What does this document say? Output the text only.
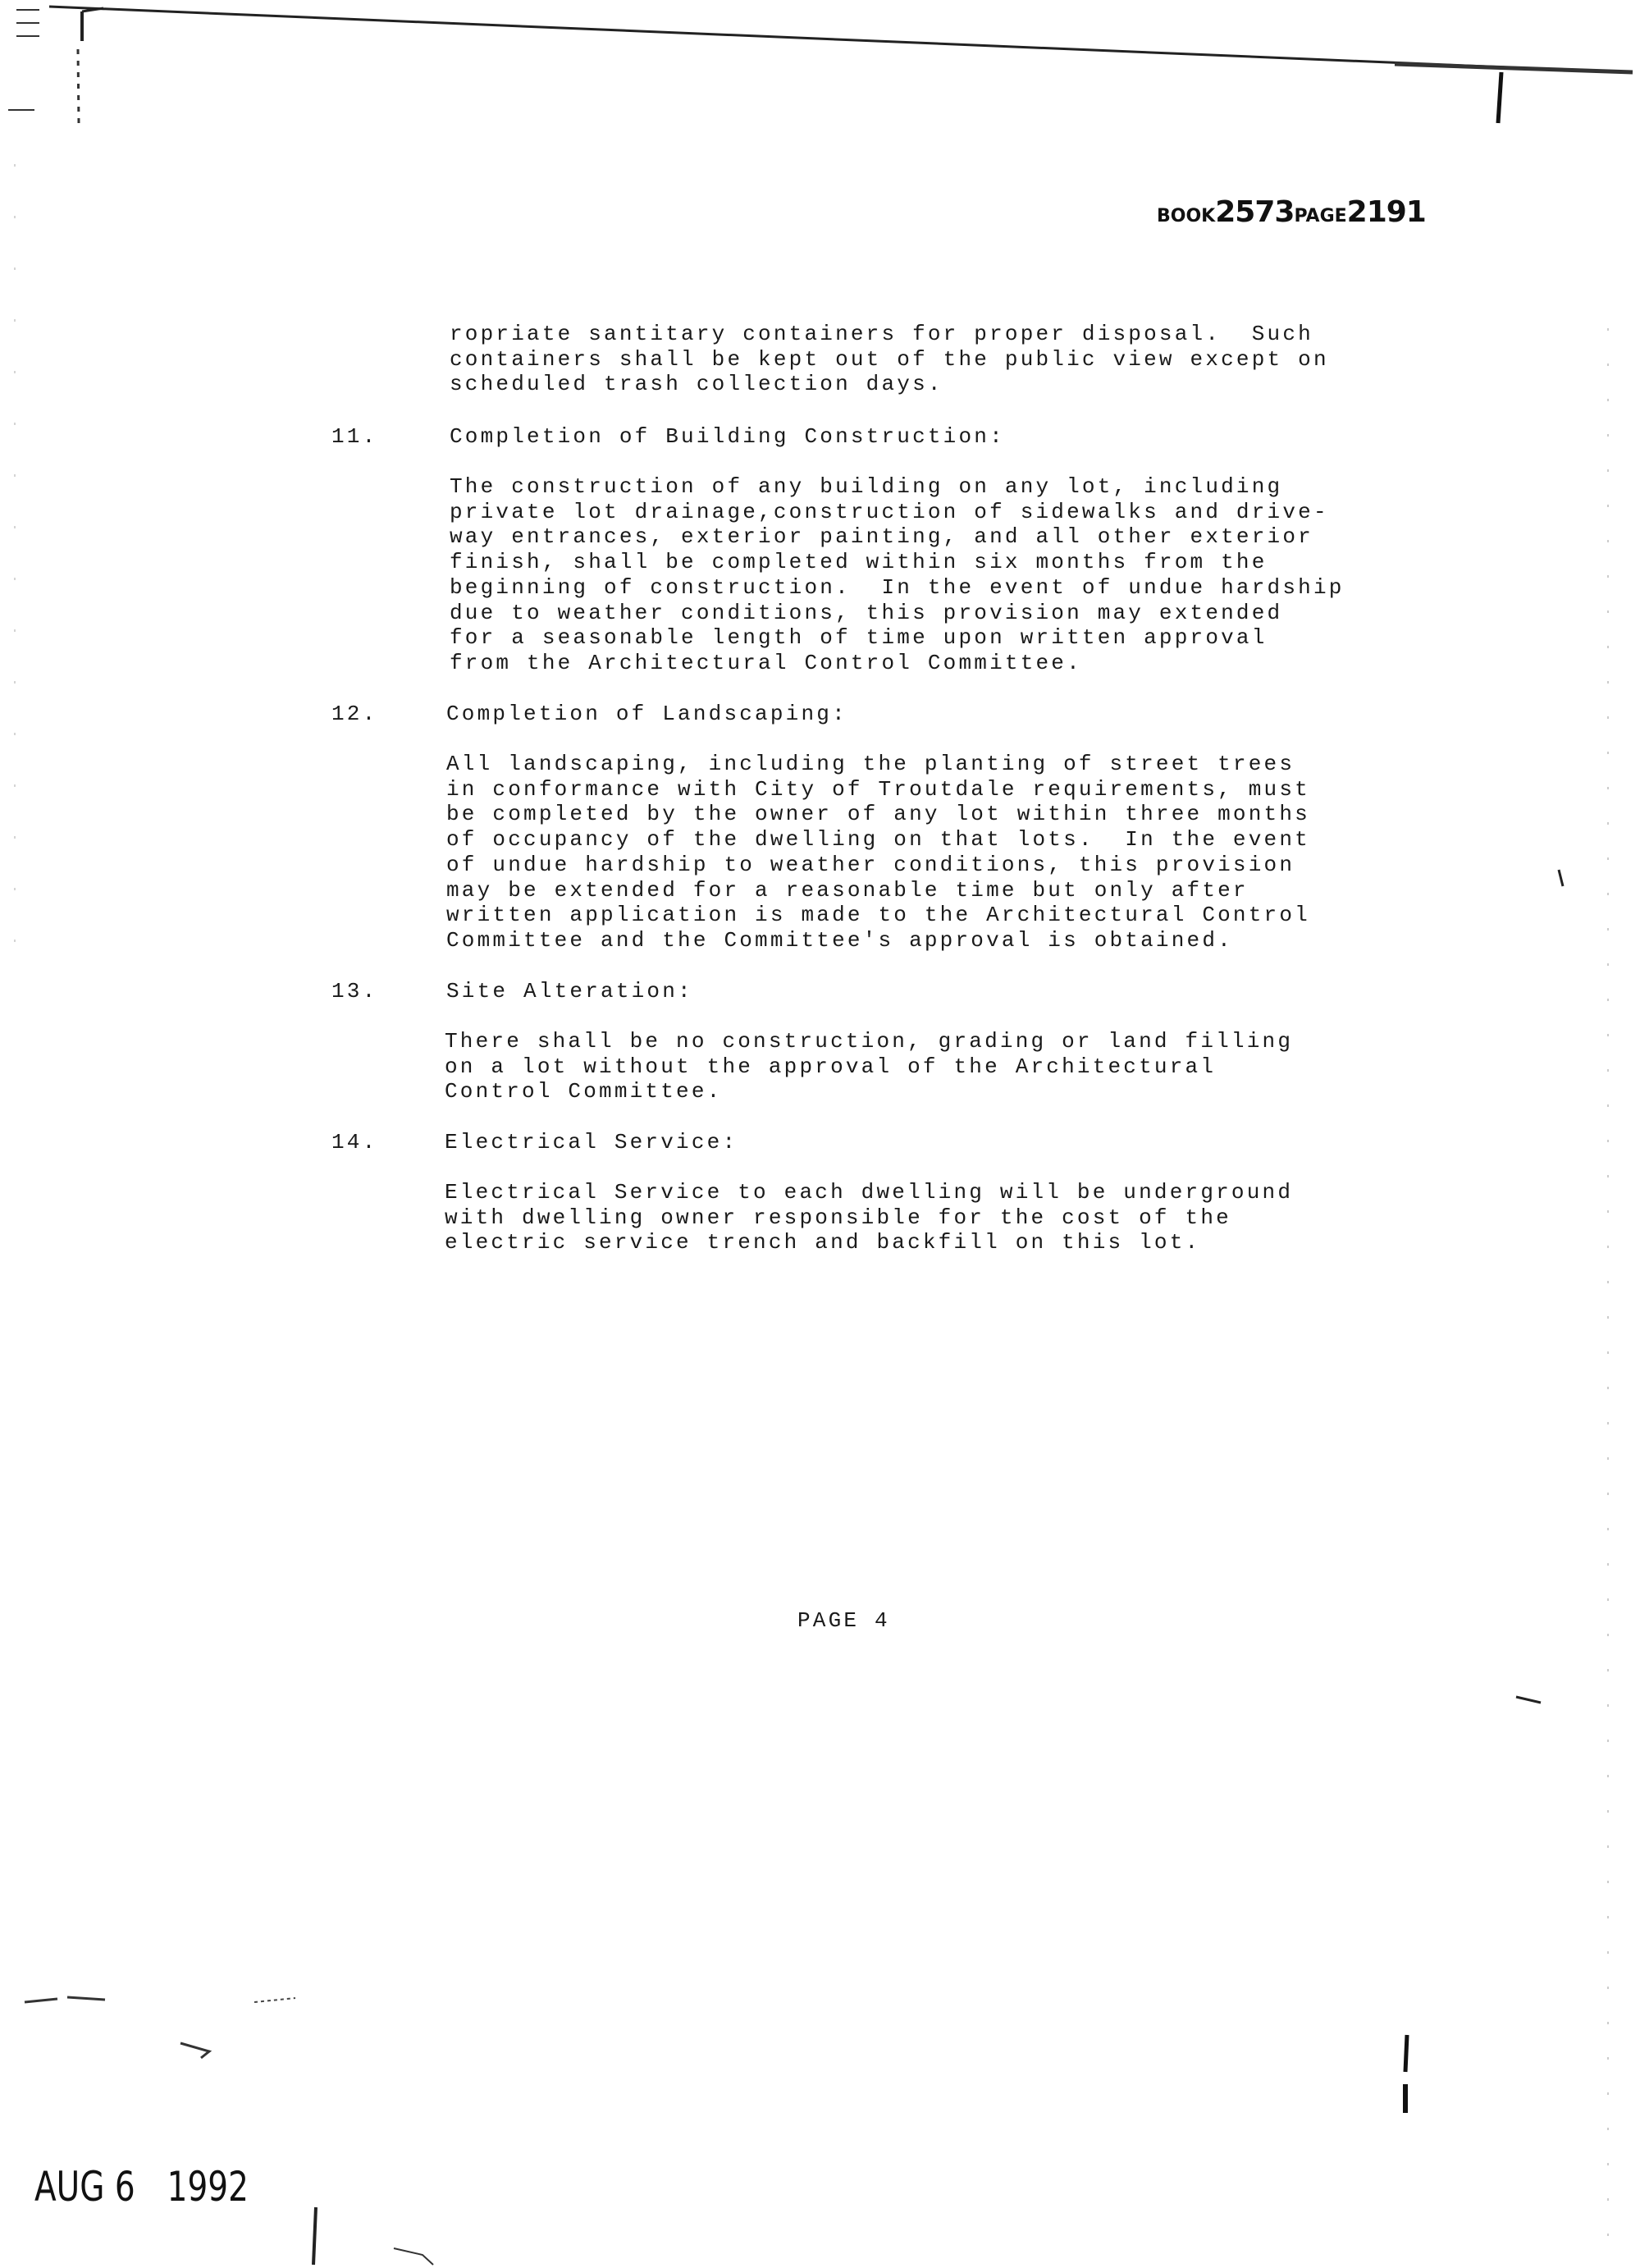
BOOK2573PAGE2191
ropriate santitary containers for proper disposal.  Such
containers shall be kept out of the public view except on
scheduled trash collection days.
11.	Completion of Building Construction:
The construction of any building on any lot, including
private lot drainage,construction of sidewalks and drive-
way entrances, exterior painting, and all other exterior
finish, shall be completed within six months from the
beginning of construction.  In the event of undue hardship
due to weather conditions, this provision may extended
for a seasonable length of time upon written approval
from the Architectural Control Committee.
12.	Completion of Landscaping:
All landscaping, including the planting of street trees
in conformance with City of Troutdale requirements, must
be completed by the owner of any lot within three months
of occupancy of the dwelling on that lots.  In the event
of undue hardship to weather conditions, this provision
may be extended for a reasonable time but only after
written application is made to the Architectural Control
Committee and the Committee's approval is obtained.
13.	Site Alteration:
There shall be no construction, grading or land filling
on a lot without the approval of the Architectural
Control Committee.
14.	Electrical Service:
Electrical Service to each dwelling will be underground
with dwelling owner responsible for the cost of the
electric service trench and backfill on this lot.
PAGE 4
AUG 6 1992
